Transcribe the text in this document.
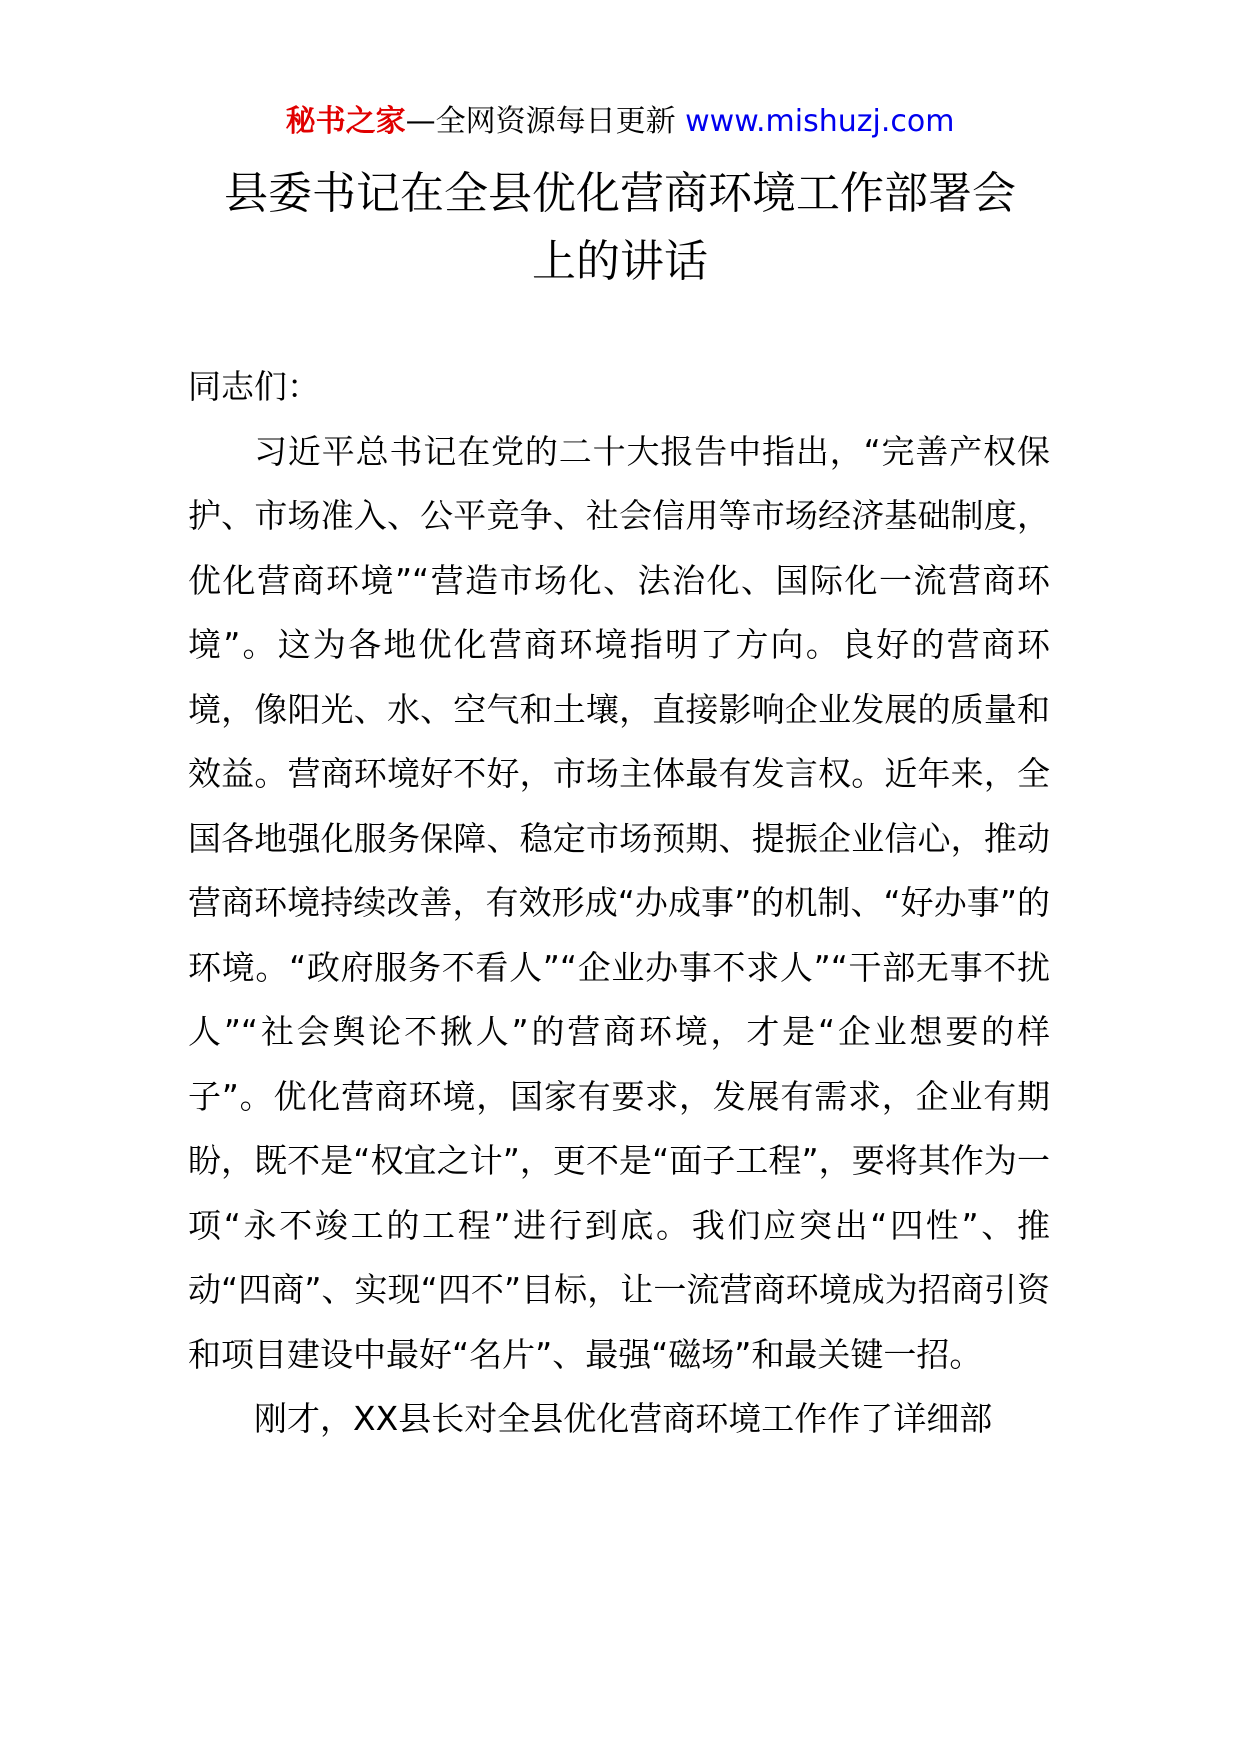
秘书之家—全网资源每日更新 www.mishuzj.com
县委书记在全县优化营商环境工作部署会
上的讲话

同志们：

习近平总书记在党的二十大报告中指出，“完善产权保护、市场准入、公平竞争、社会信用等市场经济基础制度，优化营商环境”“营造市场化、法治化、国际化一流营商环境”。这为各地优化营商环境指明了方向。良好的营商环境，像阳光、水、空气和土壤，直接影响企业发展的质量和效益。营商环境好不好，市场主体最有发言权。近年来，全国各地强化服务保障、稳定市场预期、提振企业信心，推动营商环境持续改善，有效形成“办成事”的机制、“好办事”的环境。“政府服务不看人”“企业办事不求人”“干部无事不扰人”“社会舆论不揪人”的营商环境，才是“企业想要的样子”。优化营商环境，国家有要求，发展有需求，企业有期盼，既不是“权宜之计”，更不是“面子工程”，要将其作为一项“永不竣工的工程”进行到底。我们应突出“四性”、推动“四商”、实现“四不”目标，让一流营商环境成为招商引资和项目建设中最好“名片”、最强“磁场”和最关键一招。

刚才，XX县长对全县优化营商环境工作作了详细部
